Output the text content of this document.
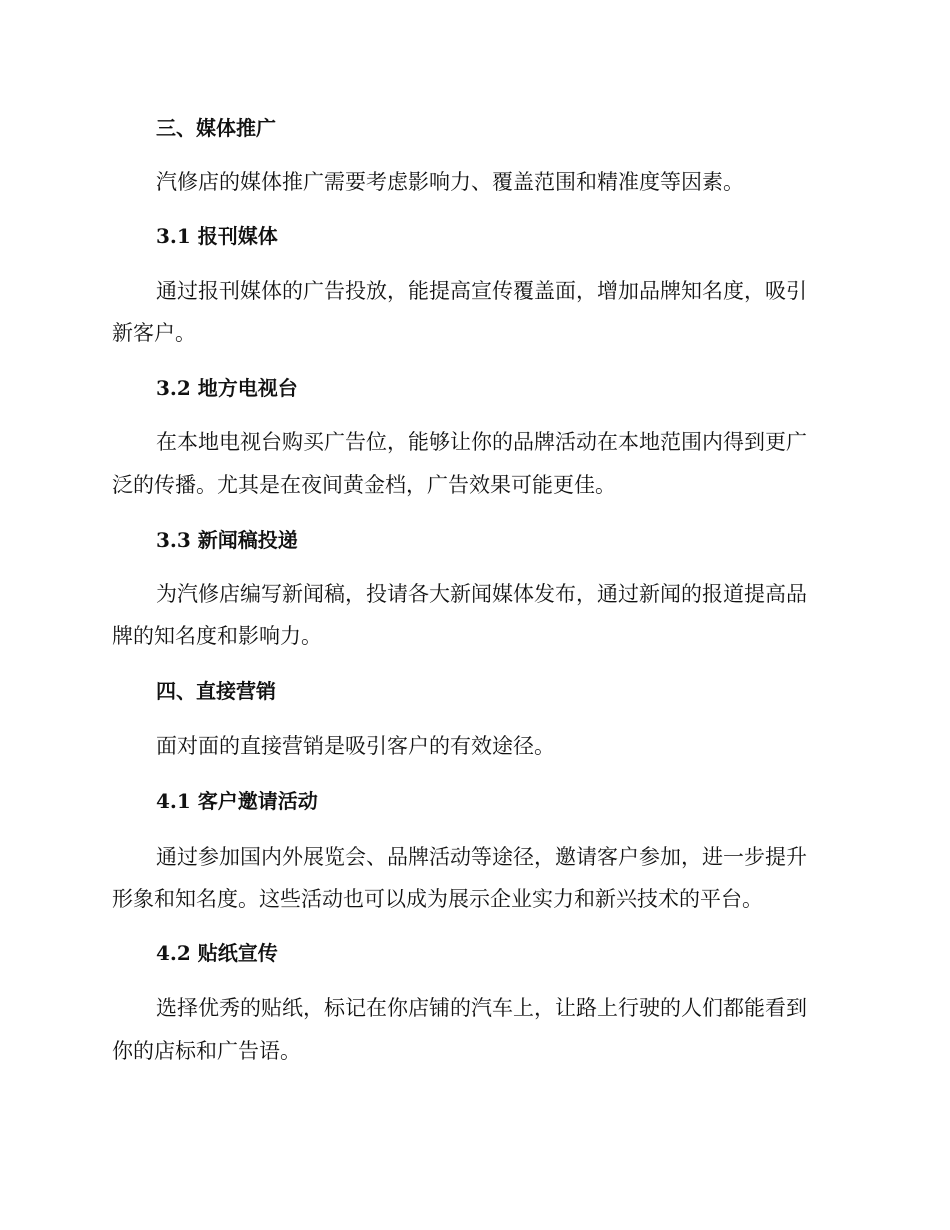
三、媒体推广
汽修店的媒体推广需要考虑影响力、覆盖范围和精准度等因素。
3.1 报刊媒体
通过报刊媒体的广告投放，能提高宣传覆盖面，增加品牌知名度，吸引
新客户。
3.2 地方电视台
在本地电视台购买广告位，能够让你的品牌活动在本地范围内得到更广
泛的传播。尤其是在夜间黄金档，广告效果可能更佳。
3.3 新闻稿投递
为汽修店编写新闻稿，投请各大新闻媒体发布，通过新闻的报道提高品
牌的知名度和影响力。
四、直接营销
面对面的直接营销是吸引客户的有效途径。
4.1 客户邀请活动
通过参加国内外展览会、品牌活动等途径，邀请客户参加，进一步提升
形象和知名度。这些活动也可以成为展示企业实力和新兴技术的平台。
4.2 贴纸宣传
选择优秀的贴纸，标记在你店铺的汽车上，让路上行驶的人们都能看到
你的店标和广告语。
